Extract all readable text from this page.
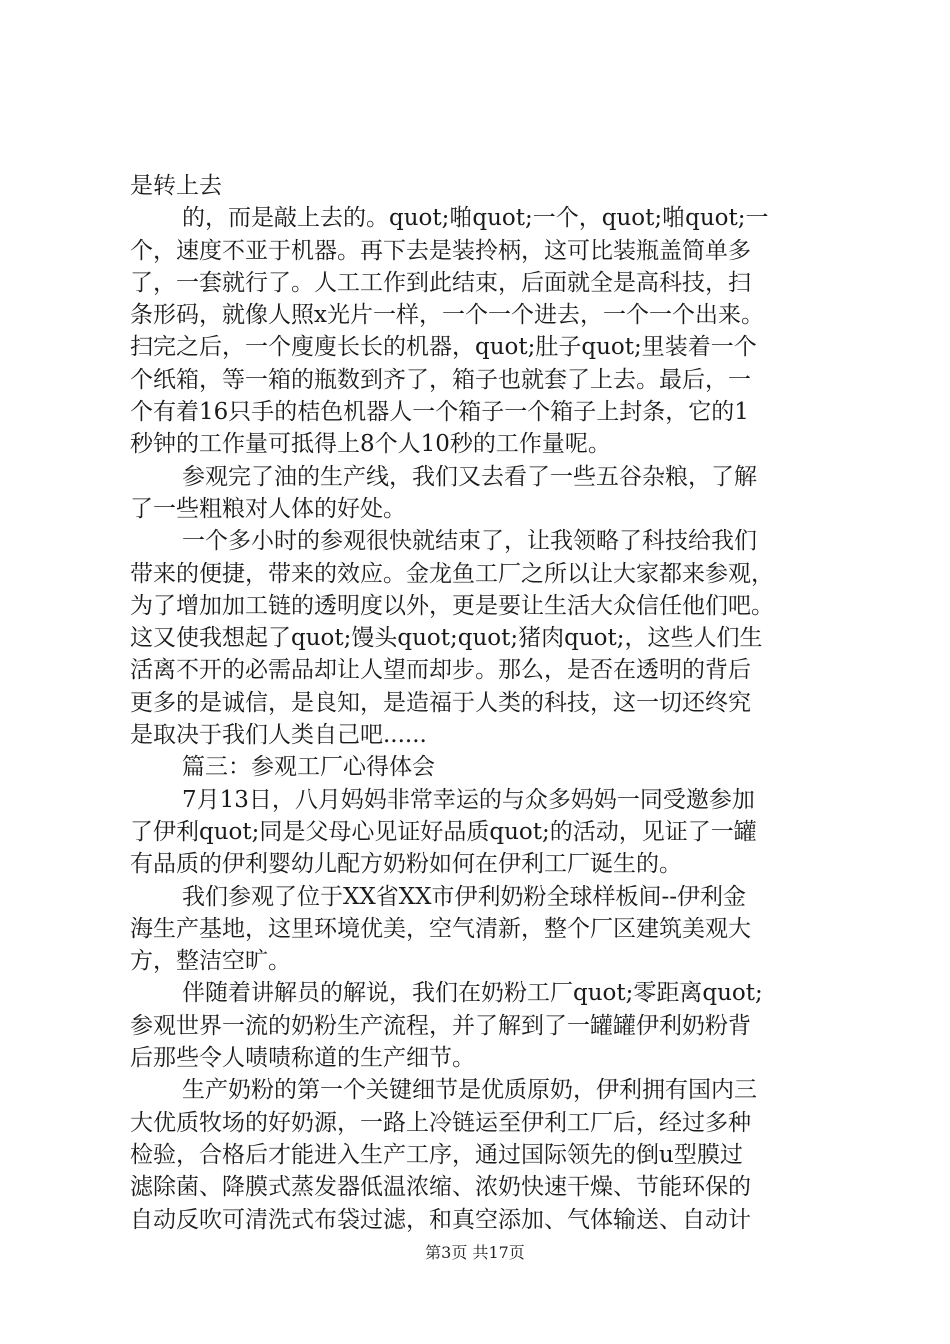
是转上去
的，而是敲上去的。quot;啪quot;一个，quot;啪quot;一
个，速度不亚于机器。再下去是装拎柄，这可比装瓶盖简单多
了，一套就行了。人工工作到此结束，后面就全是高科技，扫
条形码，就像人照x光片一样，一个一个进去，一个一个出来。
扫完之后，一个廋廋长长的机器，quot;肚子quot;里装着一个
个纸箱，等一箱的瓶数到齐了，箱子也就套了上去。最后，一
个有着16只手的桔色机器人一个箱子一个箱子上封条，它的1
秒钟的工作量可抵得上8个人10秒的工作量呢。
参观完了油的生产线，我们又去看了一些五谷杂粮，了解
了一些粗粮对人体的好处。
一个多小时的参观很快就结束了，让我领略了科技给我们
带来的便捷，带来的效应。金龙鱼工厂之所以让大家都来参观，
为了增加加工链的透明度以外，更是要让生活大众信任他们吧。
这又使我想起了quot;馒头quot;quot;猪肉quot;，这些人们生
活离不开的必需品却让人望而却步。那么，是否在透明的背后
更多的是诚信，是良知，是造福于人类的科技，这一切还终究
是取决于我们人类自己吧......
篇三：参观工厂心得体会
7月13日，八月妈妈非常幸运的与众多妈妈一同受邀参加
了伊利quot;同是父母心见证好品质quot;的活动，见证了一罐
有品质的伊利婴幼儿配方奶粉如何在伊利工厂诞生的。
我们参观了位于XX省XX市伊利奶粉全球样板间--伊利金
海生产基地，这里环境优美，空气清新，整个厂区建筑美观大
方，整洁空旷。
伴随着讲解员的解说，我们在奶粉工厂quot;零距离quot;
参观世界一流的奶粉生产流程，并了解到了一罐罐伊利奶粉背
后那些令人啧啧称道的生产细节。
生产奶粉的第一个关键细节是优质原奶，伊利拥有国内三
大优质牧场的好奶源，一路上冷链运至伊利工厂后，经过多种
检验，合格后才能进入生产工序，通过国际领先的倒u型膜过
滤除菌、降膜式蒸发器低温浓缩、浓奶快速干燥、节能环保的
自动反吹可清洗式布袋过滤，和真空添加、气体输送、自动计
第3页 共17页
